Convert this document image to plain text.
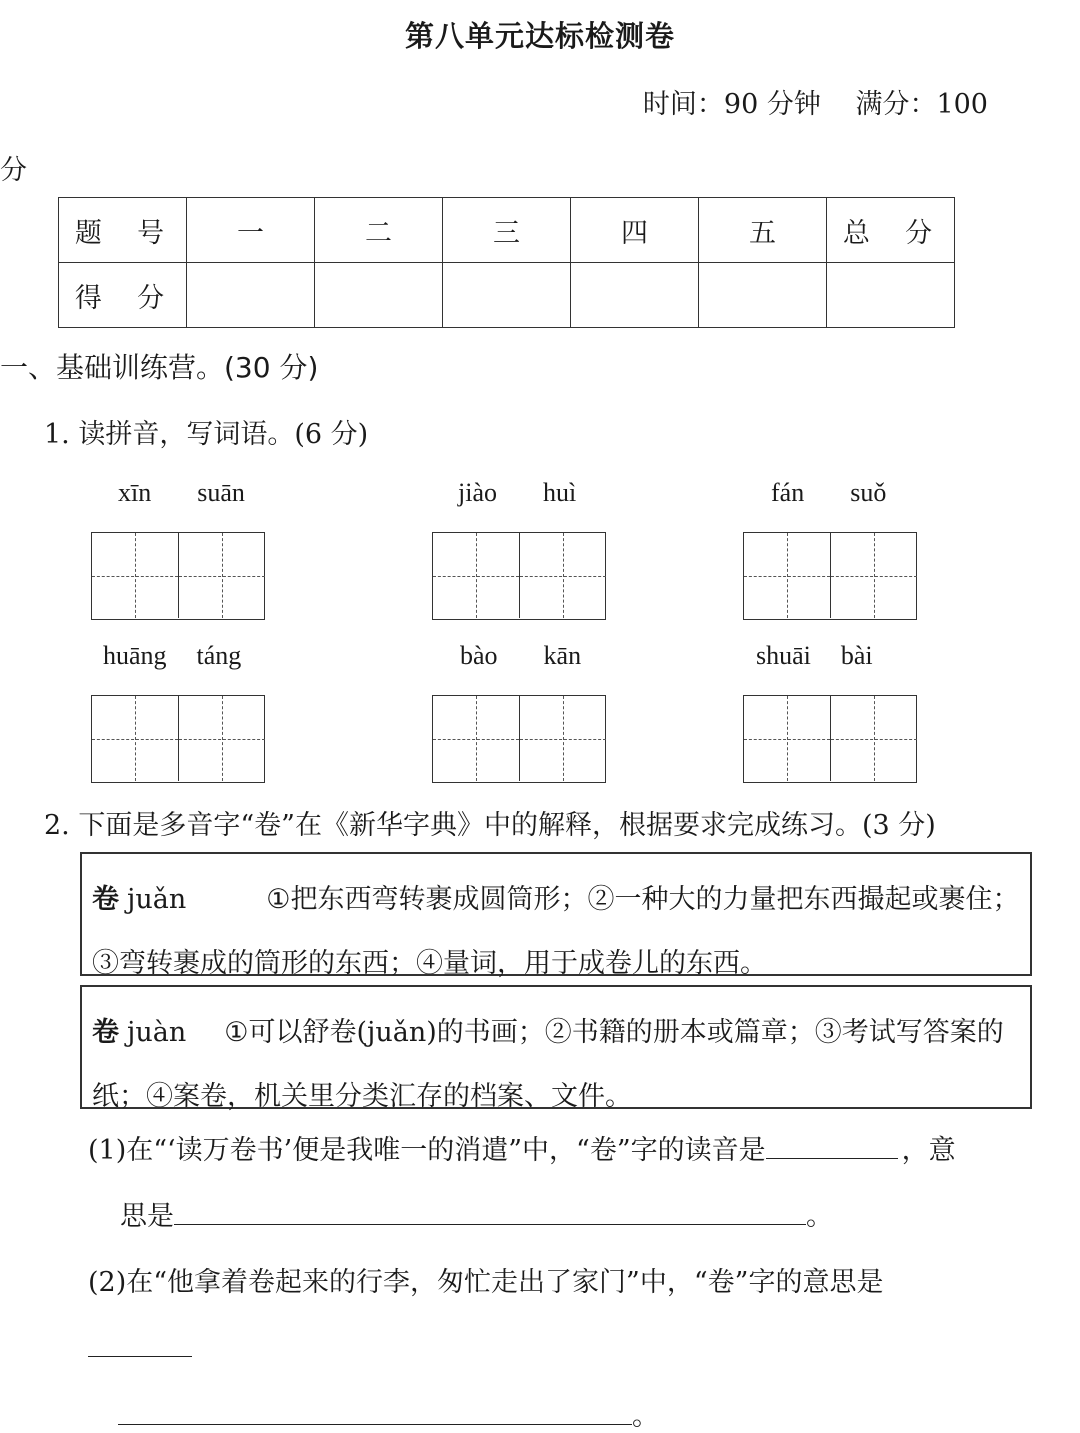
第八单元达标检测卷
时间：90 分钟 满分：100
分
题  号	一	二	三	四	五	总  分
得  分						
一、基础训练营。(30 分)
1. 读拼音，写词语。(6 分)
xīn suān	jiào huì	fán suǒ
huāng táng	bào kān	shuāi bài
2. 下面是多音字“卷”在《新华字典》中的解释，根据要求完成练习。(3 分)
卷 juǎn	①把东西弯转裹成圆筒形；②一种大的力量把东西撮起或裹住；③弯转裹成的筒形的东西；④量词，用于成卷儿的东西。
卷 juàn ①可以舒卷(juǎn)的书画；②书籍的册本或篇章；③考试写答案的纸；④案卷，机关里分类汇存的档案、文件。
(1)在“‘读万卷书’便是我唯一的消遣”中，“卷”字的读音是	，意
思是	。
(2)在“他拿着卷起来的行李，匆忙走出了家门”中，“卷”字的意思是
。
